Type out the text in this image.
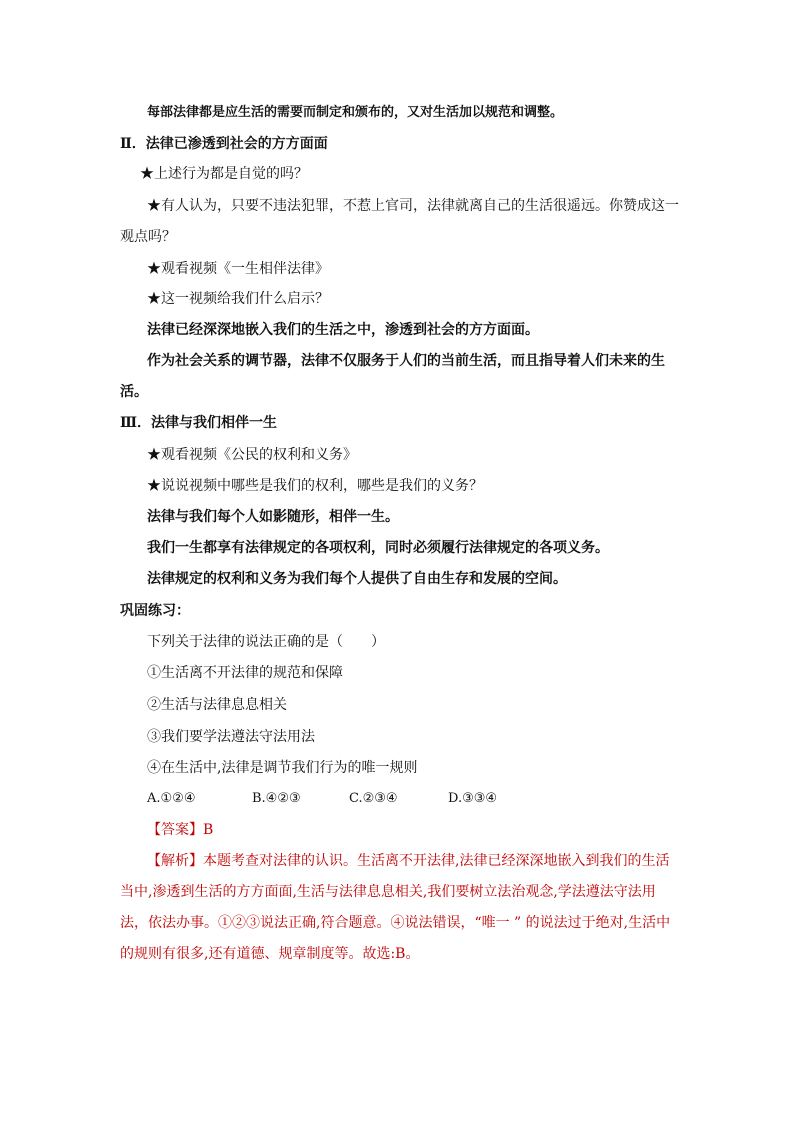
每部法律都是应生活的需要而制定和颁布的，又对生活加以规范和调整。
Ⅱ．法律已渗透到社会的方方面面
★上述行为都是自觉的吗？
★有人认为，只要不违法犯罪，不惹上官司，法律就离自己的生活很遥远。你赞成这一
观点吗？
★观看视频《一生相伴法律》
★这一视频给我们什么启示？
法律已经深深地嵌入我们的生活之中，渗透到社会的方方面面。
作为社会关系的调节器，法律不仅服务于人们的当前生活，而且指导着人们未来的生
活。
Ⅲ．法律与我们相伴一生
★观看视频《公民的权利和义务》
★说说视频中哪些是我们的权利，哪些是我们的义务？
法律与我们每个人如影随形，相伴一生。
我们一生都享有法律规定的各项权利，同时必须履行法律规定的各项义务。
法律规定的权利和义务为我们每个人提供了自由生存和发展的空间。
巩固练习：
下列关于法律的说法正确的是（　　）
①生活离不开法律的规范和保障
②生活与法律息息相关
③我们要学法遵法守法用法
④在生活中,法律是调节我们行为的唯一规则
A.①②④	B.④②③	C.②③④	D.③③④
【答案】B
【解析】本题考查对法律的认识。生活离不开法律,法律已经深深地嵌入到我们的生活
当中,渗透到生活的方方面面,生活与法律息息相关,我们要树立法治观念,学法遵法守法用
法，依法办事。①②③说法正确,符合题意。④说法错误，“唯一 ” 的说法过于绝对,生活中
的规则有很多,还有道德、规章制度等。故选:B。
